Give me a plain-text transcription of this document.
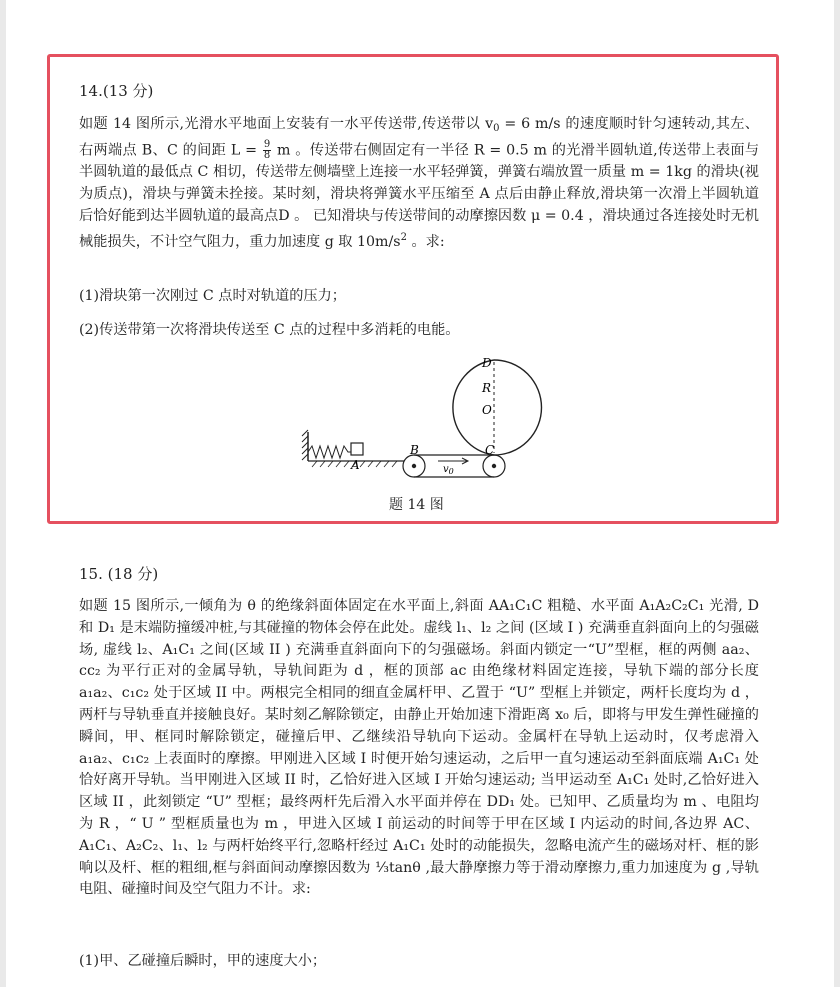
14.(13 分)

如题 14 图所示,光滑水平地面上安装有一水平传送带,传送带以 $v_0 = 6$ m/s 的速度顺时针匀速转动,其左、 右两端点 B、C 的间距 $L = \frac{9}{8}$ m 。传送带右侧固定有一半径 R = 0.5 m 的光滑半圆轨道,传送带上表面与半圆轨道的最低点 C 相切，传送带左侧墙壁上连接一水平轻弹簧，弹簧右端放置一质量 m = 1kg 的滑块(视为质点)，滑块与弹簧未拴接。某时刻，滑块将弹簧水平压缩至 A 点后由静止释放,滑块第一次滑上半圆轨道后恰好能到达半圆轨道的最高点D 。 已知滑块与传送带间的动摩擦因数 μ = 0.4 ，滑块通过各连接处时无机械能损失，不计空气阻力，重力加速度 g 取 $10m/s^2$ 。求:

(1)滑块第一次刚过 C 点时对轨道的压力；
(2)传送带第一次将滑块传送至 C 点的过程中多消耗的电能。
D
R
O
C
B
A	$v_0$
题 14 图
15. (18 分)

如题 15 图所示,一倾角为 θ 的绝缘斜面体固定在水平面上,斜面 AA₁C₁C 粗糙、水平面 A₁A₂C₂C₁ 光滑, D 和 D₁ 是末端防撞缓冲桩,与其碰撞的物体会停在此处。虚线 l₁、l₂ 之间 (区域 I ) 充满垂直斜面向上的匀强磁场, 虚线 l₂、A₁C₁ 之间(区域 II ) 充满垂直斜面向下的匀强磁场。斜面内锁定一“U”型框，框的两侧 aa₂、cc₂ 为平行正对的金属导轨，导轨间距为 d ，框的顶部 ac 由绝缘材料固定连接，导轨下端的部分长度 a₁a₂、c₁c₂ 处于区域 II 中。两根完全相同的细直金属杆甲、乙置于 “U” 型框上并锁定，两杆长度均为 d ，两杆与导轨垂直并接触良好。某时刻乙解除锁定，由静止开始加速下滑距离 x₀ 后，即将与甲发生弹性碰撞的瞬间，甲、框同时解除锁定，碰撞后甲、乙继续沿导轨向下运动。金属杆在导轨上运动时，仅考虑滑入 a₁a₂、c₁c₂ 上表面时的摩擦。甲刚进入区域 I 时便开始匀速运动，之后甲一直匀速运动至斜面底端 A₁C₁ 处恰好离开导轨。当甲刚进入区域 II 时，乙恰好进入区域 I 开始匀速运动; 当甲运动至 A₁C₁ 处时,乙恰好进入区域 II ，此刻锁定 “U” 型框；最终两杆先后滑入水平面并停在 DD₁ 处。已知甲、乙质量均为 m 、电阻均为 R ，“ U ” 型框质量也为 m ，甲进入区域 I 前运动的时间等于甲在区域 I 内运动的时间,各边界 AC、A₁C₁、A₂C₂、l₁、l₂ 与两杆始终平行,忽略杆经过 A₁C₁ 处时的动能损失，忽略电流产生的磁场对杆、框的影响以及杆、框的粗细,框与斜面间动摩擦因数为 ⅓tanθ ,最大静摩擦力等于滑动摩擦力,重力加速度为 g ,导轨电阻、碰撞时间及空气阻力不计。求:

(1)甲、乙碰撞后瞬时，甲的速度大小；
